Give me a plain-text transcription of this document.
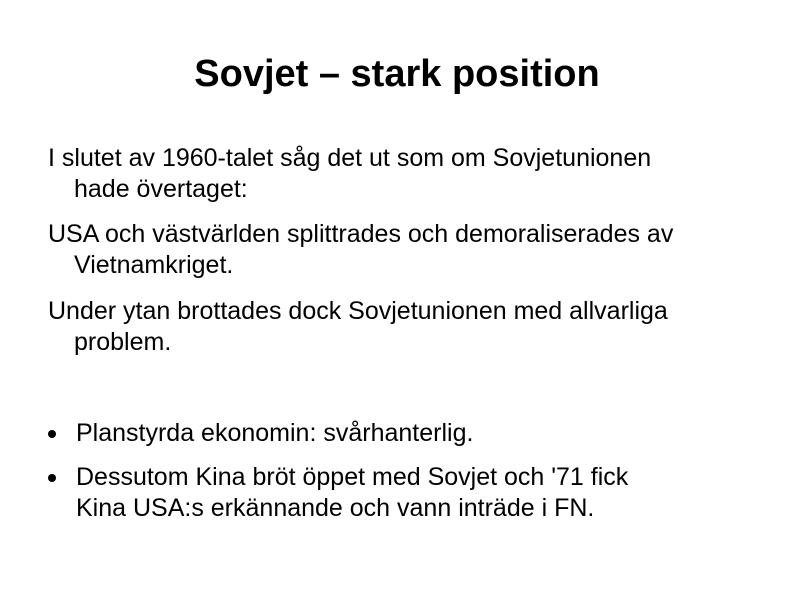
Sovjet – stark position
I slutet av 1960-talet såg det ut som om Sovjetunionen
hade övertaget:
USA och västvärlden splittrades och demoraliserades av
Vietnamkriget.
Under ytan brottades dock Sovjetunionen med allvarliga
problem.
Planstyrda ekonomin: svårhanterlig.
Dessutom Kina bröt öppet med Sovjet och '71 fick
Kina USA:s erkännande och vann inträde i FN.
